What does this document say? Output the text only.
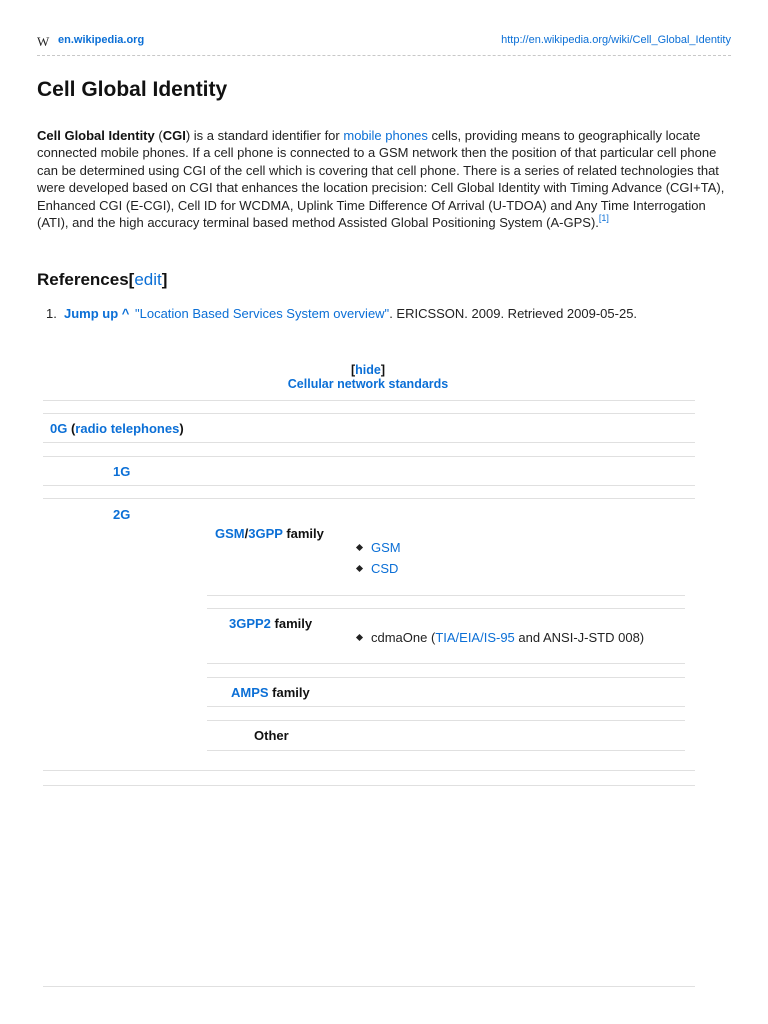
W en.wikipedia.org	http://en.wikipedia.org/wiki/Cell_Global_Identity
Cell Global Identity

Cell Global Identity (CGI) is a standard identifier for mobile phones cells, providing means to geographically locate connected mobile phones. If a cell phone is connected to a GSM network then the position of that particular cell phone can be determined using CGI of the cell which is covering that cell phone. There is a series of related technologies that were developed based on CGI that enhances the location precision: Cell Global Identity with Timing Advance (CGI+TA), Enhanced CGI (E-CGI), Cell ID for WCDMA, Uplink Time Difference Of Arrival (U-TDOA) and Any Time Interrogation (ATI), and the high accuracy terminal based method Assisted Global Positioning System (A-GPS).[1]

References[edit]
1. Jump up ^ "Location Based Services System overview". ERICSSON. 2009. Retrieved 2009-05-25.
[hide]
Cellular network standards
0G (radio telephones)
1G
2G
GSM/3GPP family
GSM
CSD
3GPP2 family
cdmaOne (TIA/EIA/IS-95 and ANSI-J-STD 008)
AMPS family
Other
